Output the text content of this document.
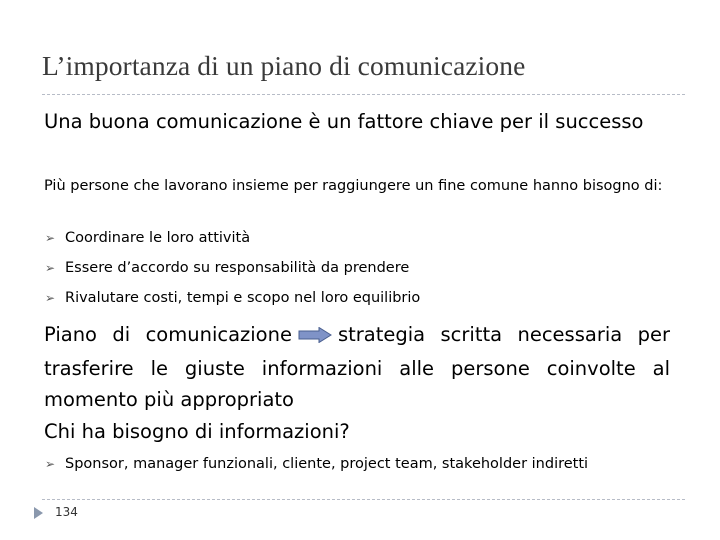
L’importanza di un piano di comunicazione
Una buona comunicazione è un fattore chiave per il successo
Più persone che lavorano insieme per raggiungere un fine comune hanno bisogno di:
➢ Coordinare le loro attività
➢ Essere d’accordo su responsabilità da prendere
➢ Rivalutare costi, tempi e scopo nel loro equilibrio
Piano di comunicazione strategia scritta necessaria per
trasferire le giuste informazioni alle persone coinvolte al momento più appropriato
Chi ha bisogno di informazioni?
➢ Sponsor, manager funzionali, cliente, project team, stakeholder indiretti
134
